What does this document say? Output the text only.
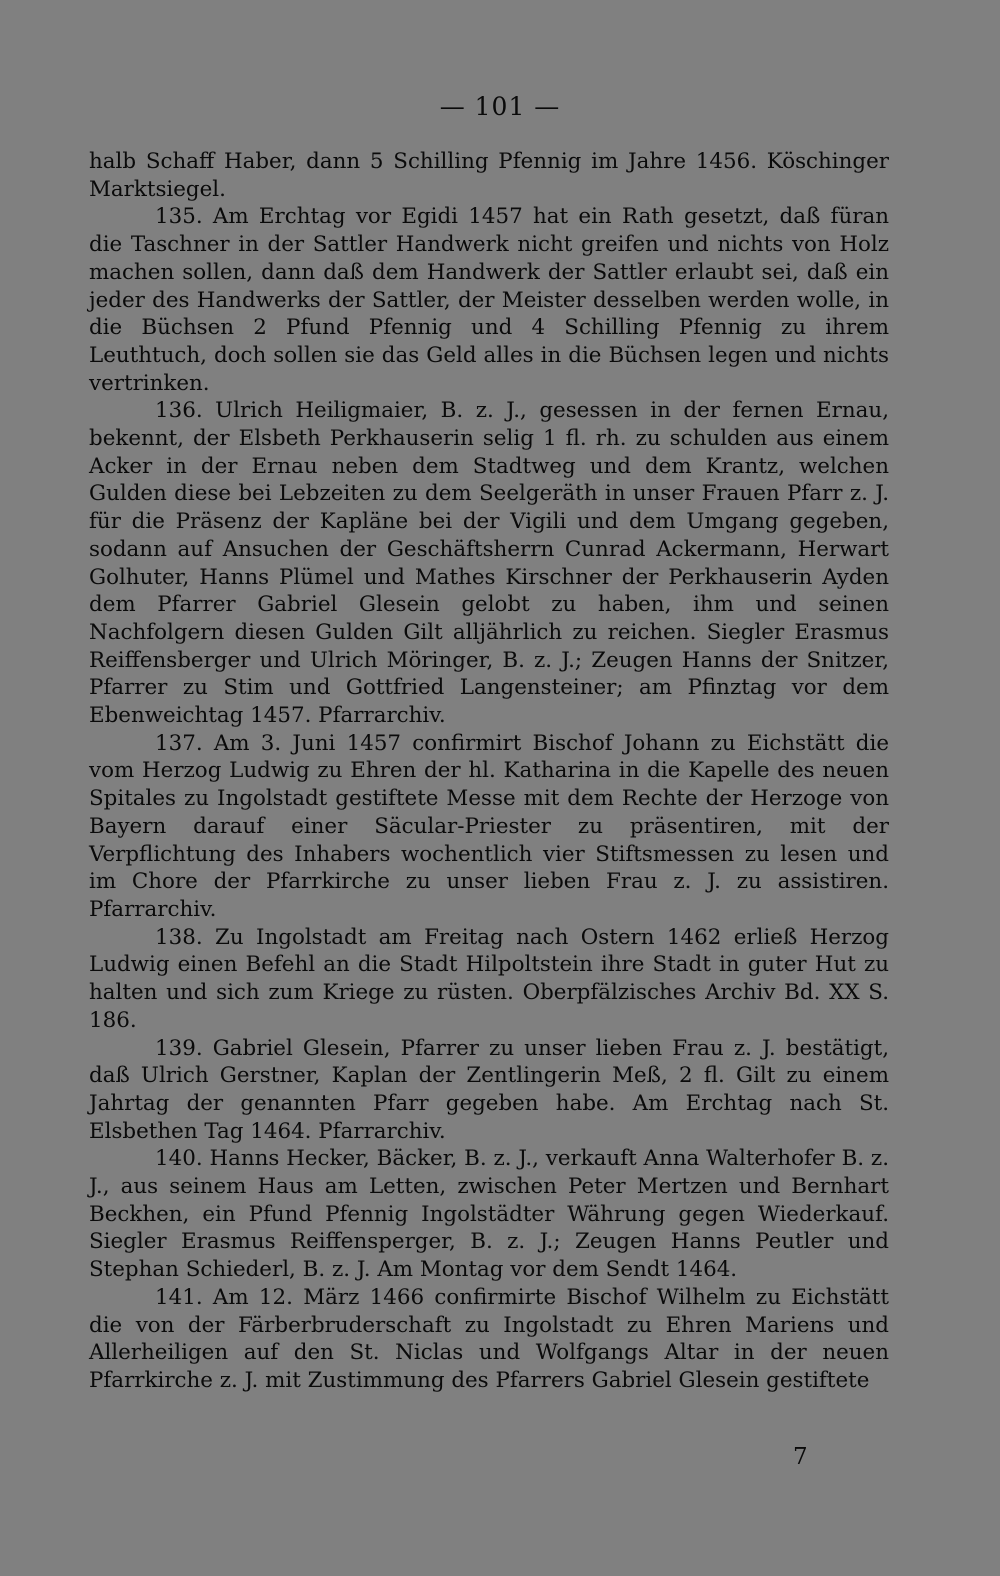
— 101 —

halb Schaff Haber, dann 5 Schilling Pfennig im Jahre 1456. Köschinger Marktsiegel.

135. Am Erchtag vor Egidi 1457 hat ein Rath gesetzt, daß füran die Taschner in der Sattler Handwerk nicht greifen und nichts von Holz machen sollen, dann daß dem Handwerk der Sattler erlaubt sei, daß ein jeder des Handwerks der Sattler, der Meister desselben werden wolle, in die Büchsen 2 Pfund Pfennig und 4 Schilling Pfennig zu ihrem Leuthtuch, doch sollen sie das Geld alles in die Büchsen legen und nichts vertrinken.

136. Ulrich Heiligmaier, B. z. J., gesessen in der fernen Ernau, bekennt, der Elsbeth Perkhauserin selig 1 fl. rh. zu schulden aus einem Acker in der Ernau neben dem Stadtweg und dem Krantz, welchen Gulden diese bei Lebzeiten zu dem Seelgeräth in unser Frauen Pfarr z. J. für die Präsenz der Kapläne bei der Vigili und dem Umgang gegeben, sodann auf Ansuchen der Geschäftsherrn Cunrad Ackermann, Herwart Golhuter, Hanns Plümel und Mathes Kirschner der Perkhauserin Ayden dem Pfarrer Gabriel Glesein gelobt zu haben, ihm und seinen Nachfolgern diesen Gulden Gilt alljährlich zu reichen. Siegler Erasmus Reiffensberger und Ulrich Möringer, B. z. J.; Zeugen Hanns der Snitzer, Pfarrer zu Stim und Gottfried Langensteiner; am Pfinztag vor dem Ebenweichtag 1457. Pfarrarchiv.

137. Am 3. Juni 1457 confirmirt Bischof Johann zu Eichstätt die vom Herzog Ludwig zu Ehren der hl. Katharina in die Kapelle des neuen Spitales zu Ingolstadt gestiftete Messe mit dem Rechte der Herzoge von Bayern darauf einer Säcular-Priester zu präsentiren, mit der Verpflichtung des Inhabers wochentlich vier Stiftsmessen zu lesen und im Chore der Pfarrkirche zu unser lieben Frau z. J. zu assistiren. Pfarrarchiv.

138. Zu Ingolstadt am Freitag nach Ostern 1462 erließ Herzog Ludwig einen Befehl an die Stadt Hilpoltstein ihre Stadt in guter Hut zu halten und sich zum Kriege zu rüsten. Oberpfälzisches Archiv Bd. XX S. 186.

139. Gabriel Glesein, Pfarrer zu unser lieben Frau z. J. bestätigt, daß Ulrich Gerstner, Kaplan der Zentlingerin Meß, 2 fl. Gilt zu einem Jahrtag der genannten Pfarr gegeben habe. Am Erchtag nach St. Elsbethen Tag 1464. Pfarrarchiv.

140. Hanns Hecker, Bäcker, B. z. J., verkauft Anna Walterhofer B. z. J., aus seinem Haus am Letten, zwischen Peter Mertzen und Bernhart Beckhen, ein Pfund Pfennig Ingolstädter Währung gegen Wiederkauf. Siegler Erasmus Reiffensperger, B. z. J.; Zeugen Hanns Peutler und Stephan Schiederl, B. z. J. Am Montag vor dem Sendt 1464.

141. Am 12. März 1466 confirmirte Bischof Wilhelm zu Eichstätt die von der Färberbruderschaft zu Ingolstadt zu Ehren Mariens und Allerheiligen auf den St. Niclas und Wolfgangs Altar in der neuen Pfarrkirche z. J. mit Zustimmung des Pfarrers Gabriel Glesein gestiftete

7
